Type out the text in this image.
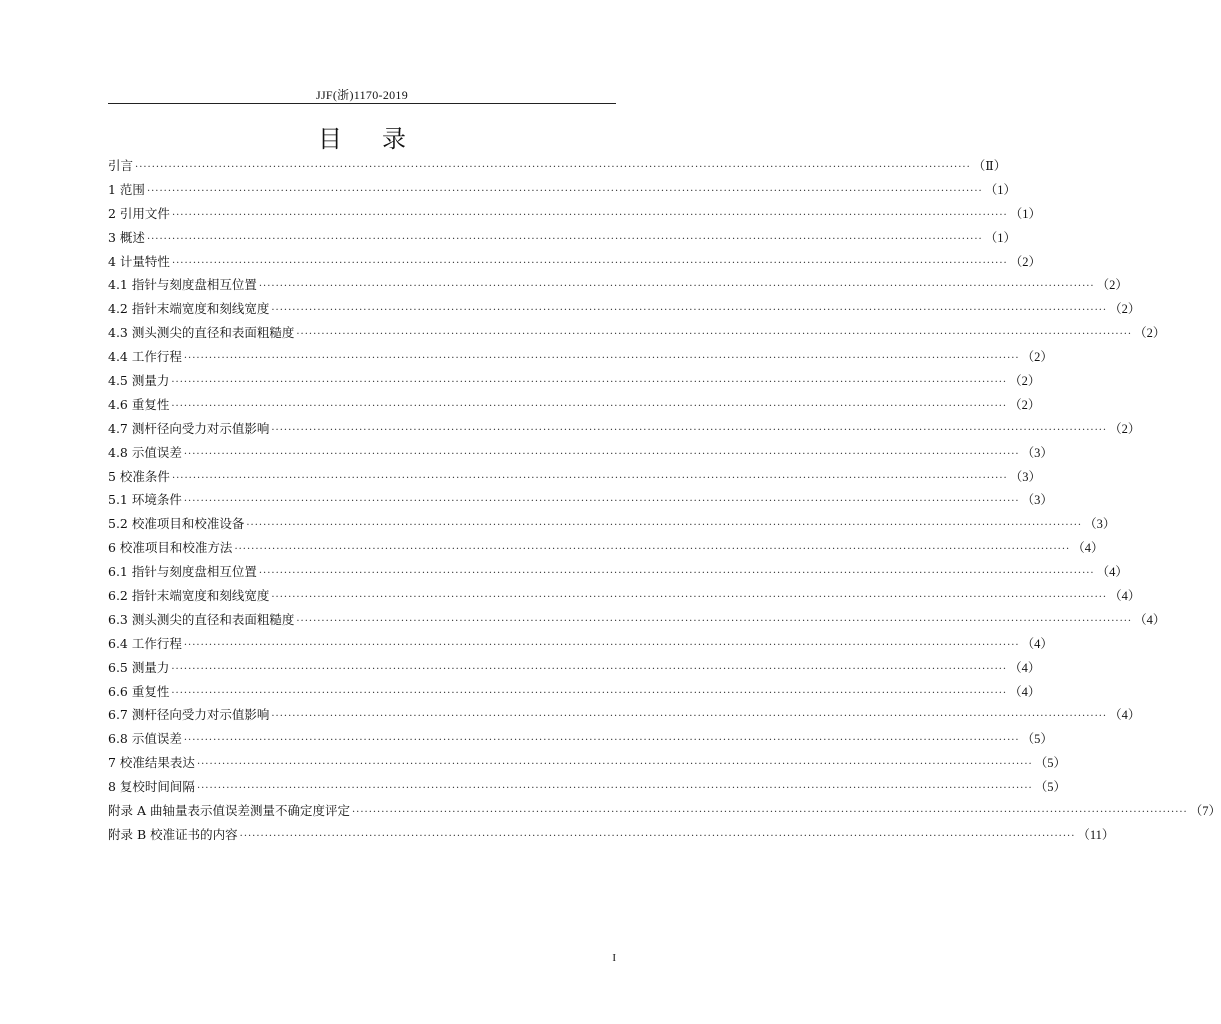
JJF(浙)1170-2019
目录
引言 ········································································································································································································ （Ⅱ）
1 范围 ········································································································································································································ （1）
2 引用文件 ········································································································································································································ （1）
3 概述 ········································································································································································································ （1）
4 计量特性 ········································································································································································································ （2）
4.1 指针与刻度盘相互位置 ········································································································································································································ （2）
4.2 指针末端宽度和刻线宽度 ········································································································································································································ （2）
4.3 测头测尖的直径和表面粗糙度 ········································································································································································································ （2）
4.4 工作行程 ········································································································································································································ （2）
4.5 测量力 ········································································································································································································ （2）
4.6 重复性 ········································································································································································································ （2）
4.7 测杆径向受力对示值影响 ········································································································································································································ （2）
4.8 示值误差 ········································································································································································································ （3）
5 校准条件 ········································································································································································································ （3）
5.1 环境条件 ········································································································································································································ （3）
5.2 校准项目和校准设备 ········································································································································································································ （3）
6 校准项目和校准方法 ········································································································································································································ （4）
6.1 指针与刻度盘相互位置 ········································································································································································································ （4）
6.2 指针末端宽度和刻线宽度 ········································································································································································································ （4）
6.3 测头测尖的直径和表面粗糙度 ········································································································································································································ （4）
6.4 工作行程 ········································································································································································································ （4）
6.5 测量力 ········································································································································································································ （4）
6.6 重复性 ········································································································································································································ （4）
6.7 测杆径向受力对示值影响 ········································································································································································································ （4）
6.8 示值误差 ········································································································································································································ （5）
7 校准结果表达 ········································································································································································································ （5）
8 复校时间间隔 ········································································································································································································ （5）
附录 A 曲轴量表示值误差测量不确定度评定 ········································································································································································································ （7）
附录 B 校准证书的内容 ········································································································································································································ （11）
I
